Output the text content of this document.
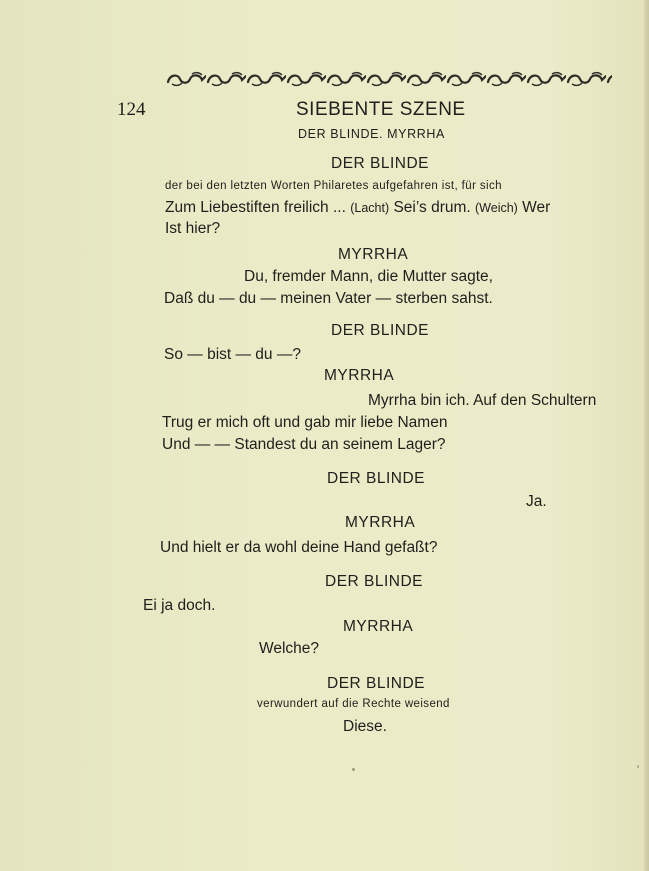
124	SIEBENTE SZENE
DER BLINDE. MYRRHA
DER BLINDE
der bei den letzten Worten Philaretes aufgefahren ist, für sich
Zum Liebestiften freilich ... (Lacht) Sei’s drum. (Weich) Wer
Ist hier?
MYRRHA
Du, fremder Mann, die Mutter sagte,
Daß du — du — meinen Vater — sterben sahst.
DER BLINDE
So — bist — du —?
MYRRHA
Myrrha bin ich. Auf den Schultern
Trug er mich oft und gab mir liebe Namen
Und — — Standest du an seinem Lager?
DER BLINDE
Ja.
MYRRHA
Und hielt er da wohl deine Hand gefaßt?
DER BLINDE
Ei ja doch.
MYRRHA
Welche?
DER BLINDE
verwundert auf die Rechte weisend
Diese.
